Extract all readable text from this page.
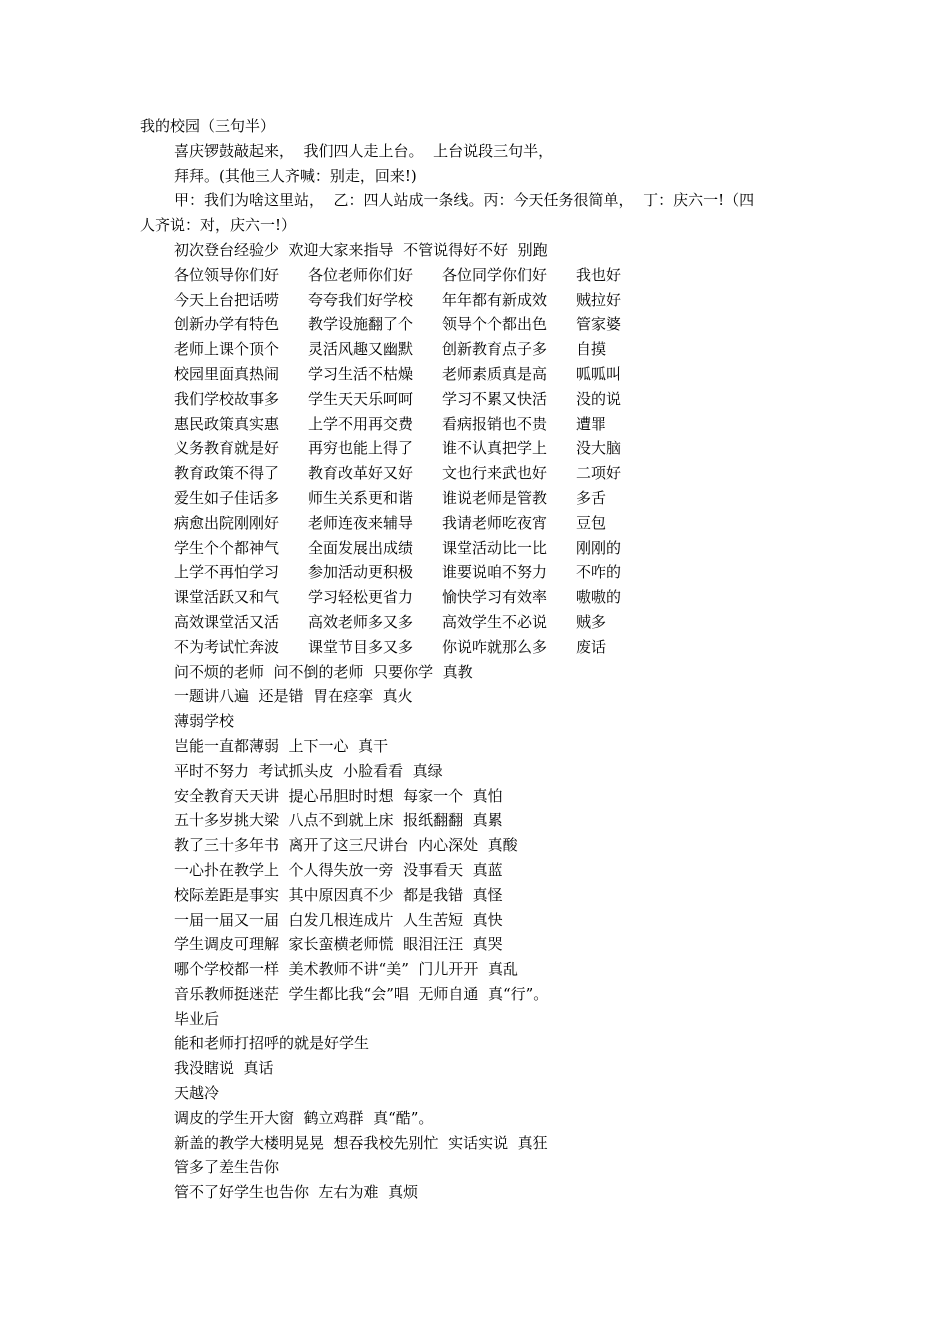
我的校园（三句半）
喜庆锣鼓敲起来，  我们四人走上台。  上台说段三句半，
拜拜。(其他三人齐喊：别走，回来!)
甲：我们为啥这里站，  乙：四人站成一条线。丙：今天任务很简单，  丁：庆六一!（四
人齐说：对，庆六一!）
初次登台经验少  欢迎大家来指导  不管说得好不好  别跑
各位领导你们好	各位老师你们好	各位同学你们好	我也好
今天上台把话唠	夸夸我们好学校	年年都有新成效	贼拉好
创新办学有特色	教学设施翻了个	领导个个都出色	管家婆
老师上课个顶个	灵活风趣又幽默	创新教育点子多	自摸
校园里面真热闹	学习生活不枯燥	老师素质真是高	呱呱叫
我们学校故事多	学生天天乐呵呵	学习不累又快活	没的说
惠民政策真实惠	上学不用再交费	看病报销也不贵	遭罪
义务教育就是好	再穷也能上得了	谁不认真把学上	没大脑
教育政策不得了	教育改革好又好	文也行来武也好	二项好
爱生如子佳话多	师生关系更和谐	谁说老师是管教	多舌
病愈出院刚刚好	老师连夜来辅导	我请老师吃夜宵	豆包
学生个个都神气	全面发展出成绩	课堂活动比一比	刚刚的
上学不再怕学习	参加活动更积极	谁要说咱不努力	不咋的
课堂活跃又和气	学习轻松更省力	愉快学习有效率	嗷嗷的
高效课堂活又活	高效老师多又多	高效学生不必说	贼多
不为考试忙奔波	课堂节目多又多	你说咋就那么多	废话
问不烦的老师  问不倒的老师  只要你学  真教
一题讲八遍  还是错  胃在痉挛  真火
薄弱学校
岂能一直都薄弱  上下一心  真干
平时不努力  考试抓头皮  小脸看看  真绿
安全教育天天讲  提心吊胆时时想  每家一个  真怕
五十多岁挑大梁  八点不到就上床  报纸翻翻  真累
教了三十多年书  离开了这三尺讲台  内心深处  真酸
一心扑在教学上  个人得失放一旁  没事看天  真蓝
校际差距是事实  其中原因真不少  都是我错  真怪
一届一届又一届  白发几根连成片  人生苦短  真快
学生调皮可理解  家长蛮横老师慌  眼泪汪汪  真哭
哪个学校都一样  美术教师不讲“美”  门儿开开  真乱
音乐教师挺迷茫  学生都比我“会”唱  无师自通  真“行”。
毕业后
能和老师打招呼的就是好学生
我没瞎说  真话
天越冷
调皮的学生开大窗  鹤立鸡群  真“酷”。
新盖的教学大楼明晃晃  想吞我校先别忙  实话实说  真狂
管多了差生告你
管不了好学生也告你  左右为难  真烦
